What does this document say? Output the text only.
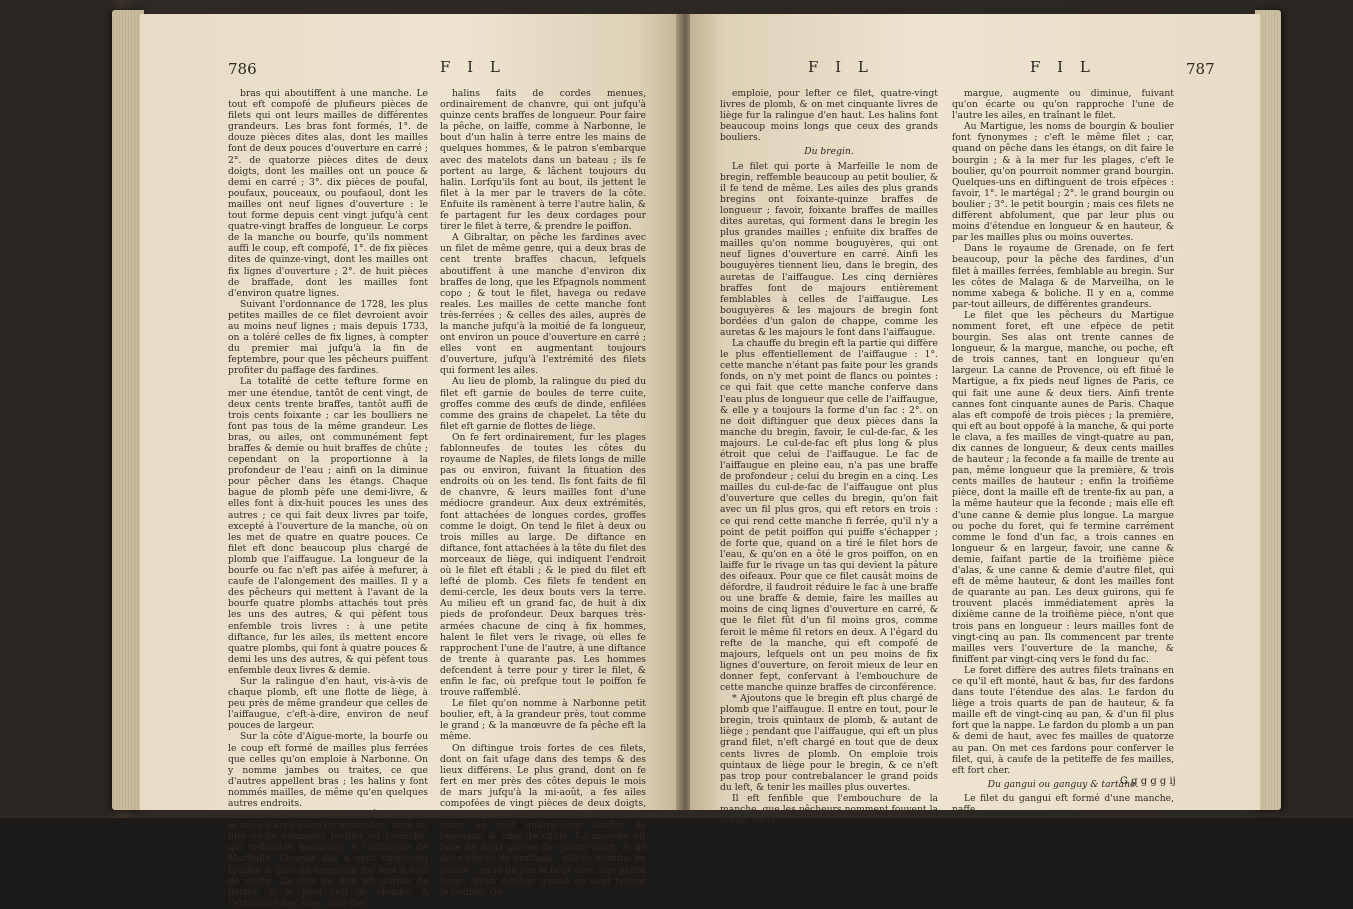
786	F I L

bras qui aboutiffent à une manche. Le tout eft compofé de plufieurs pièces de filets qui ont leurs mailles de différentes grandeurs. Les bras font formés, 1°. de douze pièces dites alas, dont les mailles font de deux pouces d'ouverture en carré ; 2°. de quatorze pièces dites de deux doigts, dont les mailles ont un pouce & demi en carré ; 3°. dix pièces de poufal, poufaux, pouceaux, ou poufaoul, dont les mailles ont neuf lignes d'ouverture : le tout forme depuis cent vingt jufqu'à cent quatre-vingt braffes de longueur. Le corps de la manche ou bourfe, qu'ils nomment auffi le coup, eft compofé, 1°. de fix pièces dites de quinze-vingt, dont les mailles ont fix lignes d'ouverture ; 2°. de huit pièces de braffade, dont les mailles font d'environ quatre lignes.

Suivant l'ordonnance de 1728, les plus petites mailles de ce filet devroient avoir au moins neuf lignes ; mais depuis 1733, on a toléré celles de fix lignes, à compter du premier mai jufqu'à la fin de feptembre, pour que les pêcheurs puiffent profiter du paffage des fardines.

La totalité de cette tefture forme en mer une étendue, tantôt de cent vingt, de deux cents trente braffes, tantôt auffi de trois cents foixante ; car les boulliers ne font pas tous de la même grandeur. Les bras, ou ailes, ont communément fept braffes & demie ou huit braffes de chûte ; cependant on la proportionne à la profondeur de l'eau ; ainfi on la diminue pour pêcher dans les étangs. Chaque bague de plomb pèfe une demi-livre, & elles font à dix-huit pouces les unes des autres ; ce qui fait deux livres par toife, excepté à l'ouverture de la manche, où on les met de quatre en quatre pouces. Ce filet eft donc beaucoup plus chargé de plomb que l'aiffaugue. La longueur de la bourfe ou fac n'eft pas aifée à mefurer, à caufe de l'alongement des mailles. Il y a des pêcheurs qui mettent à l'avant de la bourfe quatre plombs attachés tout près les uns des autres, & qui pèfent tous enfemble trois livres : à une petite diftance, fur les ailes, ils mettent encore quatre plombs, qui font à quatre pouces & demi les uns des autres, & qui pèfent tous enfemble deux livres & demie.

Sur la ralingue d'en haut, vis-à-vis de chaque plomb, eft une flotte de liège, à peu près de même grandeur que celles de l'aiffaugue, c'eft-à-dire, environ de neuf pouces de largeur.

Sur la côte d'Aigue-morte, la bourfe ou le coup eft formé de mailles plus ferrées que celles qu'on emploie à Narbonne. On y nomme jambes ou traites, ce que d'autres appellent bras ; les halins y font nommés mailles, de même qu'en quelques autres endroits.

Aux environs de Cette, on pêche depuis le mois d'avril jufqu'en novembre, avec un filet qu'ils nomment boulier ou bouliche, qui reffemble beaucoup à l'aiffaugue de Marfeille. Chaque aile a cent vingt-cinq braffes & plus de longueur, fur fept à huit de chûte. La tête du filet eft garnie de flottes, & le pied l'eft de plombs. A l'extrémité des ailes, font des

halins faits de cordes menues, ordinairement de chanvre, qui ont jufqu'à quinze cents braffes de longueur. Pour faire la pêche, on laiffe, comme à Narbonne, le bout d'un halin à terre entre les mains de quelques hommes, & le patron s'embarque avec des matelots dans un bateau ; ils fe portent au large, & lâchent toujours du halin. Lorfqu'ils font au bout, ils jettent le filet à la mer par le travers de la côte. Enfuite ils ramènent à terre l'autre halin, & fe partagent fur les deux cordages pour tirer le filet à terre, & prendre le poiffon.

A Gibraltar, on pêche les fardines avec un filet de même genre, qui a deux bras de cent trente braffes chacun, lefquels aboutiffent à une manche d'environ dix braffes de long, que les Efpagnols nomment copo ; & tout le filet, havega ou redave reales. Les mailles de cette manche font très-ferrées ; & celles des ailes, auprès de la manche jufqu'à la moitié de fa longueur, ont environ un pouce d'ouverture en carré ; elles vont en augmentant toujours d'ouverture, jufqu'à l'extrémité des filets qui forment les ailes.

Au lieu de plomb, la ralingue du pied du filet eft garnie de boules de terre cuite, groffes comme des œufs de dinde, enfilées comme des grains de chapelet. La tête du filet eft garnie de flottes de liège.

On fe fert ordinairement, fur les plages fablonneufes de toutes les côtes du royaume de Naples, de filets longs de mille pas ou environ, fuivant la fituation des endroits où on les tend. Ils font faits de fil de chanvre, & leurs mailles font d'une médiocre grandeur. Aux deux extrémités, font attachées de longues cordes, groffes comme le doigt. On tend le filet à deux ou trois milles au large. De diftance en diftance, font attachées à la tête du filet des morceaux de liège, qui indiquent l'endroit où le filet eft établi ; & le pied du filet eft lefté de plomb. Ces filets fe tendent en demi-cercle, les deux bouts vers la terre. Au milieu eft un grand fac, de huit à dix pieds de profondeur. Deux barques très-armées chacune de cinq à fix hommes, halent le filet vers le rivage, où elles fe rapprochent l'une de l'autre, à une diftance de trente à quarante pas. Les hommes defcendent à terre pour y tirer le filet, & enfin le fac, où prefque tout le poiffon fe trouve raffemblé.

Le filet qu'on nomme à Narbonne petit boulier, eft, à la grandeur près, tout comme le grand ; & la manœuvre de fa pêche eft la même.

On diftingue trois fortes de ces filets, dont on fait ufage dans des temps & des lieux différens. Le plus grand, dont on fe fert en mer près des côtes depuis le mois de mars jufqu'à la mi-août, a fes ailes compofées de vingt pièces de deux doigts, de fix de poufal, & de deux de quinze-vingt, ayant en tout quatre-vingt braffes de longueur, & cinq de chûte. La manche eft faite de deux pièces de quatre-vingt, & de deux pièces de braffade ; elle fe termine en pointe ; on la lie par le bout avec une petite ligne, qu'on dénoue quand on veut retirer le poiffon. On

F I L	F I L	787

emploie, pour lefter ce filet, quatre-vingt livres de plomb, & on met cinquante livres de liège fur la ralingue d'en haut. Les halins font beaucoup moins longs que ceux des grands bouliers.

Du bregin.

Le filet qui porte à Marfeille le nom de bregin, reffemble beaucoup au petit boulier, & il fe tend de même. Les ailes des plus grands bregins ont foixante-quinze braffes de longueur ; favoir, foixante braffes de mailles dites auretas, qui forment dans le bregin les plus grandes mailles ; enfuite dix braffes de mailles qu'on nomme bouguyères, qui ont neuf lignes d'ouverture en carré. Ainfi les bouguyères tiennent lieu, dans le bregin, des auretas de l'aiffaugue. Les cinq dernières braffes font de majours entièrement femblables à celles de l'aiffaugue. Les bouguyères & les majours de bregin font bordées d'un galon de chappe, comme les auretas & les majours le font dans l'aiffaugue.

La chauffe du bregin eft la partie qui diffère le plus effentiellement de l'aiffaugue : 1°. cette manche n'étant pas faite pour les grands fonds, on n'y met point de flancs ou pointes : ce qui fait que cette manche conferve dans l'eau plus de longueur que celle de l'aiffaugue, & elle y a toujours la forme d'un fac : 2°. on ne doit diftinguer que deux pièces dans la manche du bregin, favoir, le cul-de-fac, & les majours. Le cul-de-fac eft plus long & plus étroit que celui de l'aiffaugue. Le fac de l'aiffaugue en pleine eau, n'a pas une braffe de profondeur ; celui du bregin en a cinq. Les mailles du cul-de-fac de l'aiffaugue ont plus d'ouverture que celles du bregin, qu'on fait avec un fil plus gros, qui eft retors en trois : ce qui rend cette manche fi ferrée, qu'il n'y a point de petit poiffon qui puiffe s'échapper ; de forte que, quand on a tiré le filet hors de l'eau, & qu'on en a ôté le gros poiffon, on en laiffe fur le rivage un tas qui devient la pâture des oifeaux. Pour que ce filet causât moins de défordre, il faudroit réduire le fac à une braffe ou une braffe & demie, faire les mailles au moins de cinq lignes d'ouverture en carré, & que le filet fût d'un fil moins gros, comme feroit le même fil retors en deux. A l'égard du refte de la manche, qui eft compofé de majours, lefquels ont un peu moins de fix lignes d'ouverture, on feroit mieux de leur en donner fept, confervant à l'embouchure de cette manche quinze braffes de circonférence.

* Ajoutons que le bregin eft plus chargé de plomb que l'aiffaugue. Il entre en tout, pour le bregin, trois quintaux de plomb, & autant de liège ; pendant que l'aiffaugue, qui eft un plus grand filet, n'eft chargé en tout que de deux cents livres de plomb. On emploie trois quintaux de liège pour le bregin, & ce n'eft pas trop pour contrebalancer le grand poids du left, & tenir les mailles plus ouvertes.

Il eft fenfible que l'embouchure de la manche, que les pêcheurs nomment fouvent la gorge, ou la

margue, augmente ou diminue, fuivant qu'on écarte ou qu'on rapproche l'une de l'autre les ailes, en traînant le filet.

Au Martigue, les noms de bourgin & boulier font fynonymes ; c'eft le même filet ; car, quand on pêche dans les étangs, on dit faire le bourgin ; & à la mer fur les plages, c'eft le boulier, qu'on pourroit nommer grand bourgin. Quelques-uns en diftinguent de trois efpèces : favoir, 1°. le martégal ; 2°. le grand bourgin ou boulier ; 3°. le petit bourgin ; mais ces filets ne diffèrent abfolument, que par leur plus ou moins d'étendue en longueur & en hauteur, & par les mailles plus ou moins ouvertes.

Dans le royaume de Grenade, on fe fert beaucoup, pour la pêche des fardines, d'un filet à mailles ferrées, femblable au bregin. Sur les côtes de Malaga & de Marveilha, on le nomme xabega & boliche. Il y en a, comme par-tout ailleurs, de différentes grandeurs.

Le filet que les pêcheurs du Martigue nomment foret, eft une efpèce de petit bourgin. Ses alas ont trente cannes de longueur, & la margue, manche, ou poche, eft de trois cannes, tant en longueur qu'en largeur. La canne de Provence, où eft fitué le Martigue, a fix pieds neuf lignes de Paris, ce qui fait une aune & deux tiers. Ainfi trente cannes font cinquante aunes de Paris. Chaque alas eft compofé de trois pièces ; la première, qui eft au bout oppofé à la manche, & qui porte le clava, a fes mailles de vingt-quatre au pan, dix cannes de longueur, & deux cents mailles de hauteur ; la feconde a fa maille de trente au pan, même longueur que la première, & trois cents mailles de hauteur ; enfin la troifième pièce, dont la maille eft de trente-fix au pan, a la même hauteur que la feconde ; mais elle eft d'une canne & demie plus longue. La margue ou poche du foret, qui fe termine carrément comme le fond d'un fac, a trois cannes en longueur & en largeur, favoir, une canne & demie, faifant partie de la troifième pièce d'alas, & une canne & demie d'autre filet, qui eft de même hauteur, & dont les mailles font de quarante au pan. Les deux guirons, qui fe trouvent placés immédiatement après la dixième canne de la troifième pièce, n'ont que trois pans en longueur : leurs mailles font de vingt-cinq au pan. Ils commencent par trente mailles vers l'ouverture de la manche, & finiffent par vingt-cinq vers le fond du fac.

Le foret diffère des autres filets traînans en ce qu'il eft monté, haut & bas, fur des fardons dans toute l'étendue des alas. Le fardon du liège a trois quarts de pan de hauteur, & fa maille eft de vingt-cinq au pan, & d'un fil plus fort que la nappe. Le fardon du plomb a un pan & demi de haut, avec fes mailles de quatorze au pan. On met ces fardons pour conferver le filet, qui, à caufe de la petiteffe de fes mailles, eft fort cher.

Du gangui ou ganguy & tartane.

Le filet du gangui eft formé d'une manche, naffe

G g g g g ij
